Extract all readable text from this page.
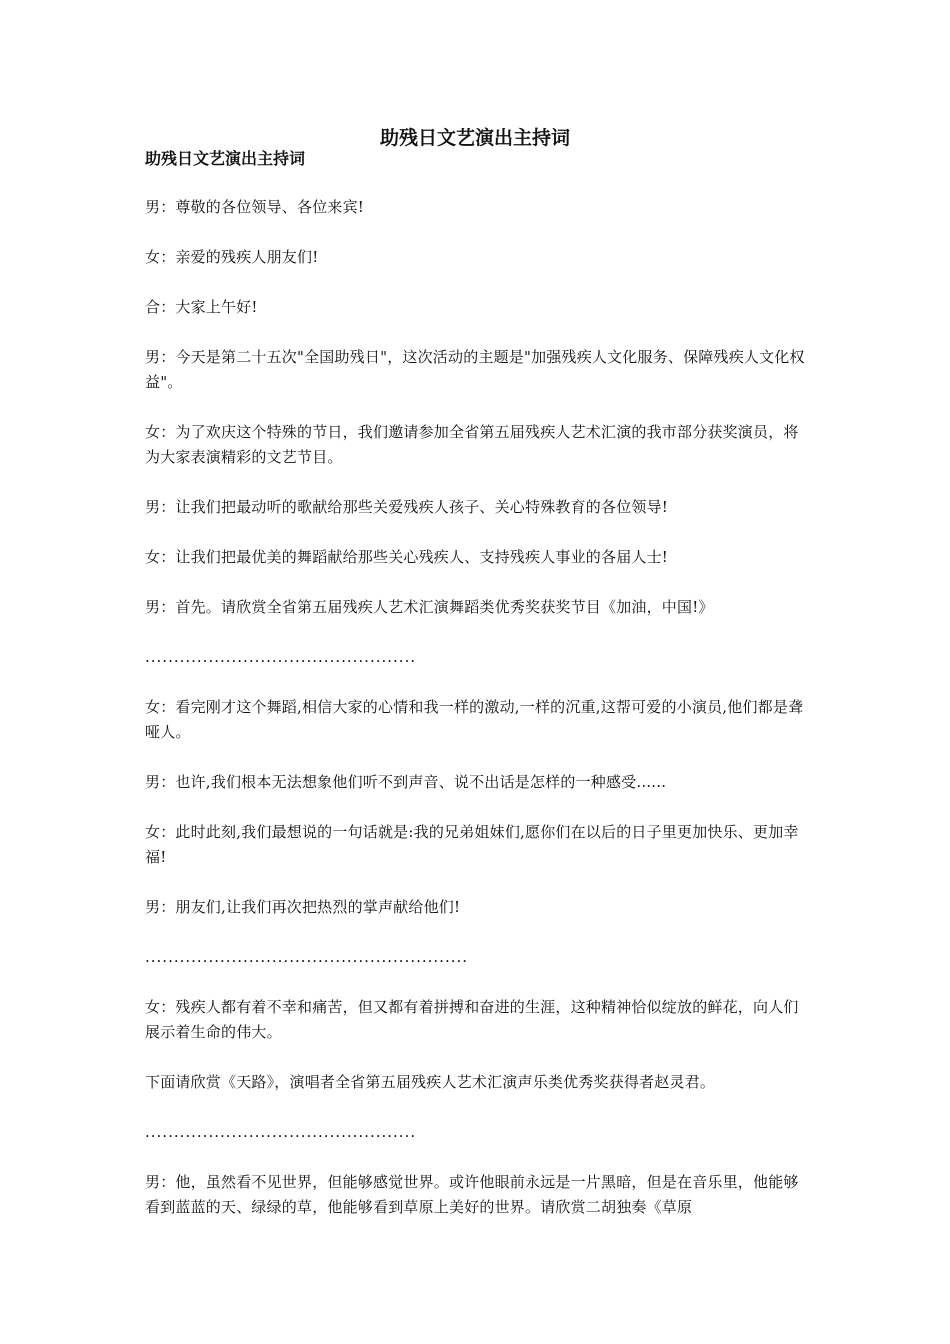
助残日文艺演出主持词

助残日文艺演出主持词

男：尊敬的各位领导、各位来宾!

女：亲爱的残疾人朋友们!

合：大家上午好!

男：今天是第二十五次"全国助残日"，这次活动的主题是"加强残疾人文化服务、保障残疾人文化权益"。

女：为了欢庆这个特殊的节日，我们邀请参加全省第五届残疾人艺术汇演的我市部分获奖演员，将为大家表演精彩的文艺节目。

男：让我们把最动听的歌献给那些关爱残疾人孩子、关心特殊教育的各位领导!

女：让我们把最优美的舞蹈献给那些关心残疾人、支持残疾人事业的各届人士!

男：首先。请欣赏全省第五届残疾人艺术汇演舞蹈类优秀奖获奖节目《加油，中国!》

...............................................

女：看完刚才这个舞蹈,相信大家的心情和我一样的激动,一样的沉重,这帮可爱的小演员,他们都是聋哑人。

男：也许,我们根本无法想象他们听不到声音、说不出话是怎样的一种感受......

女：此时此刻,我们最想说的一句话就是:我的兄弟姐妹们,愿你们在以后的日子里更加快乐、更加幸福!

男：朋友们,让我们再次把热烈的掌声献给他们!

........................................................

女：残疾人都有着不幸和痛苦，但又都有着拼搏和奋进的生涯，这种精神恰似绽放的鲜花，向人们展示着生命的伟大。

下面请欣赏《天路》，演唱者全省第五届残疾人艺术汇演声乐类优秀奖获得者赵灵君。

...............................................

男：他，虽然看不见世界，但能够感觉世界。或许他眼前永远是一片黑暗，但是在音乐里，他能够看到蓝蓝的天、绿绿的草，他能够看到草原上美好的世界。请欣赏二胡独奏《草原
